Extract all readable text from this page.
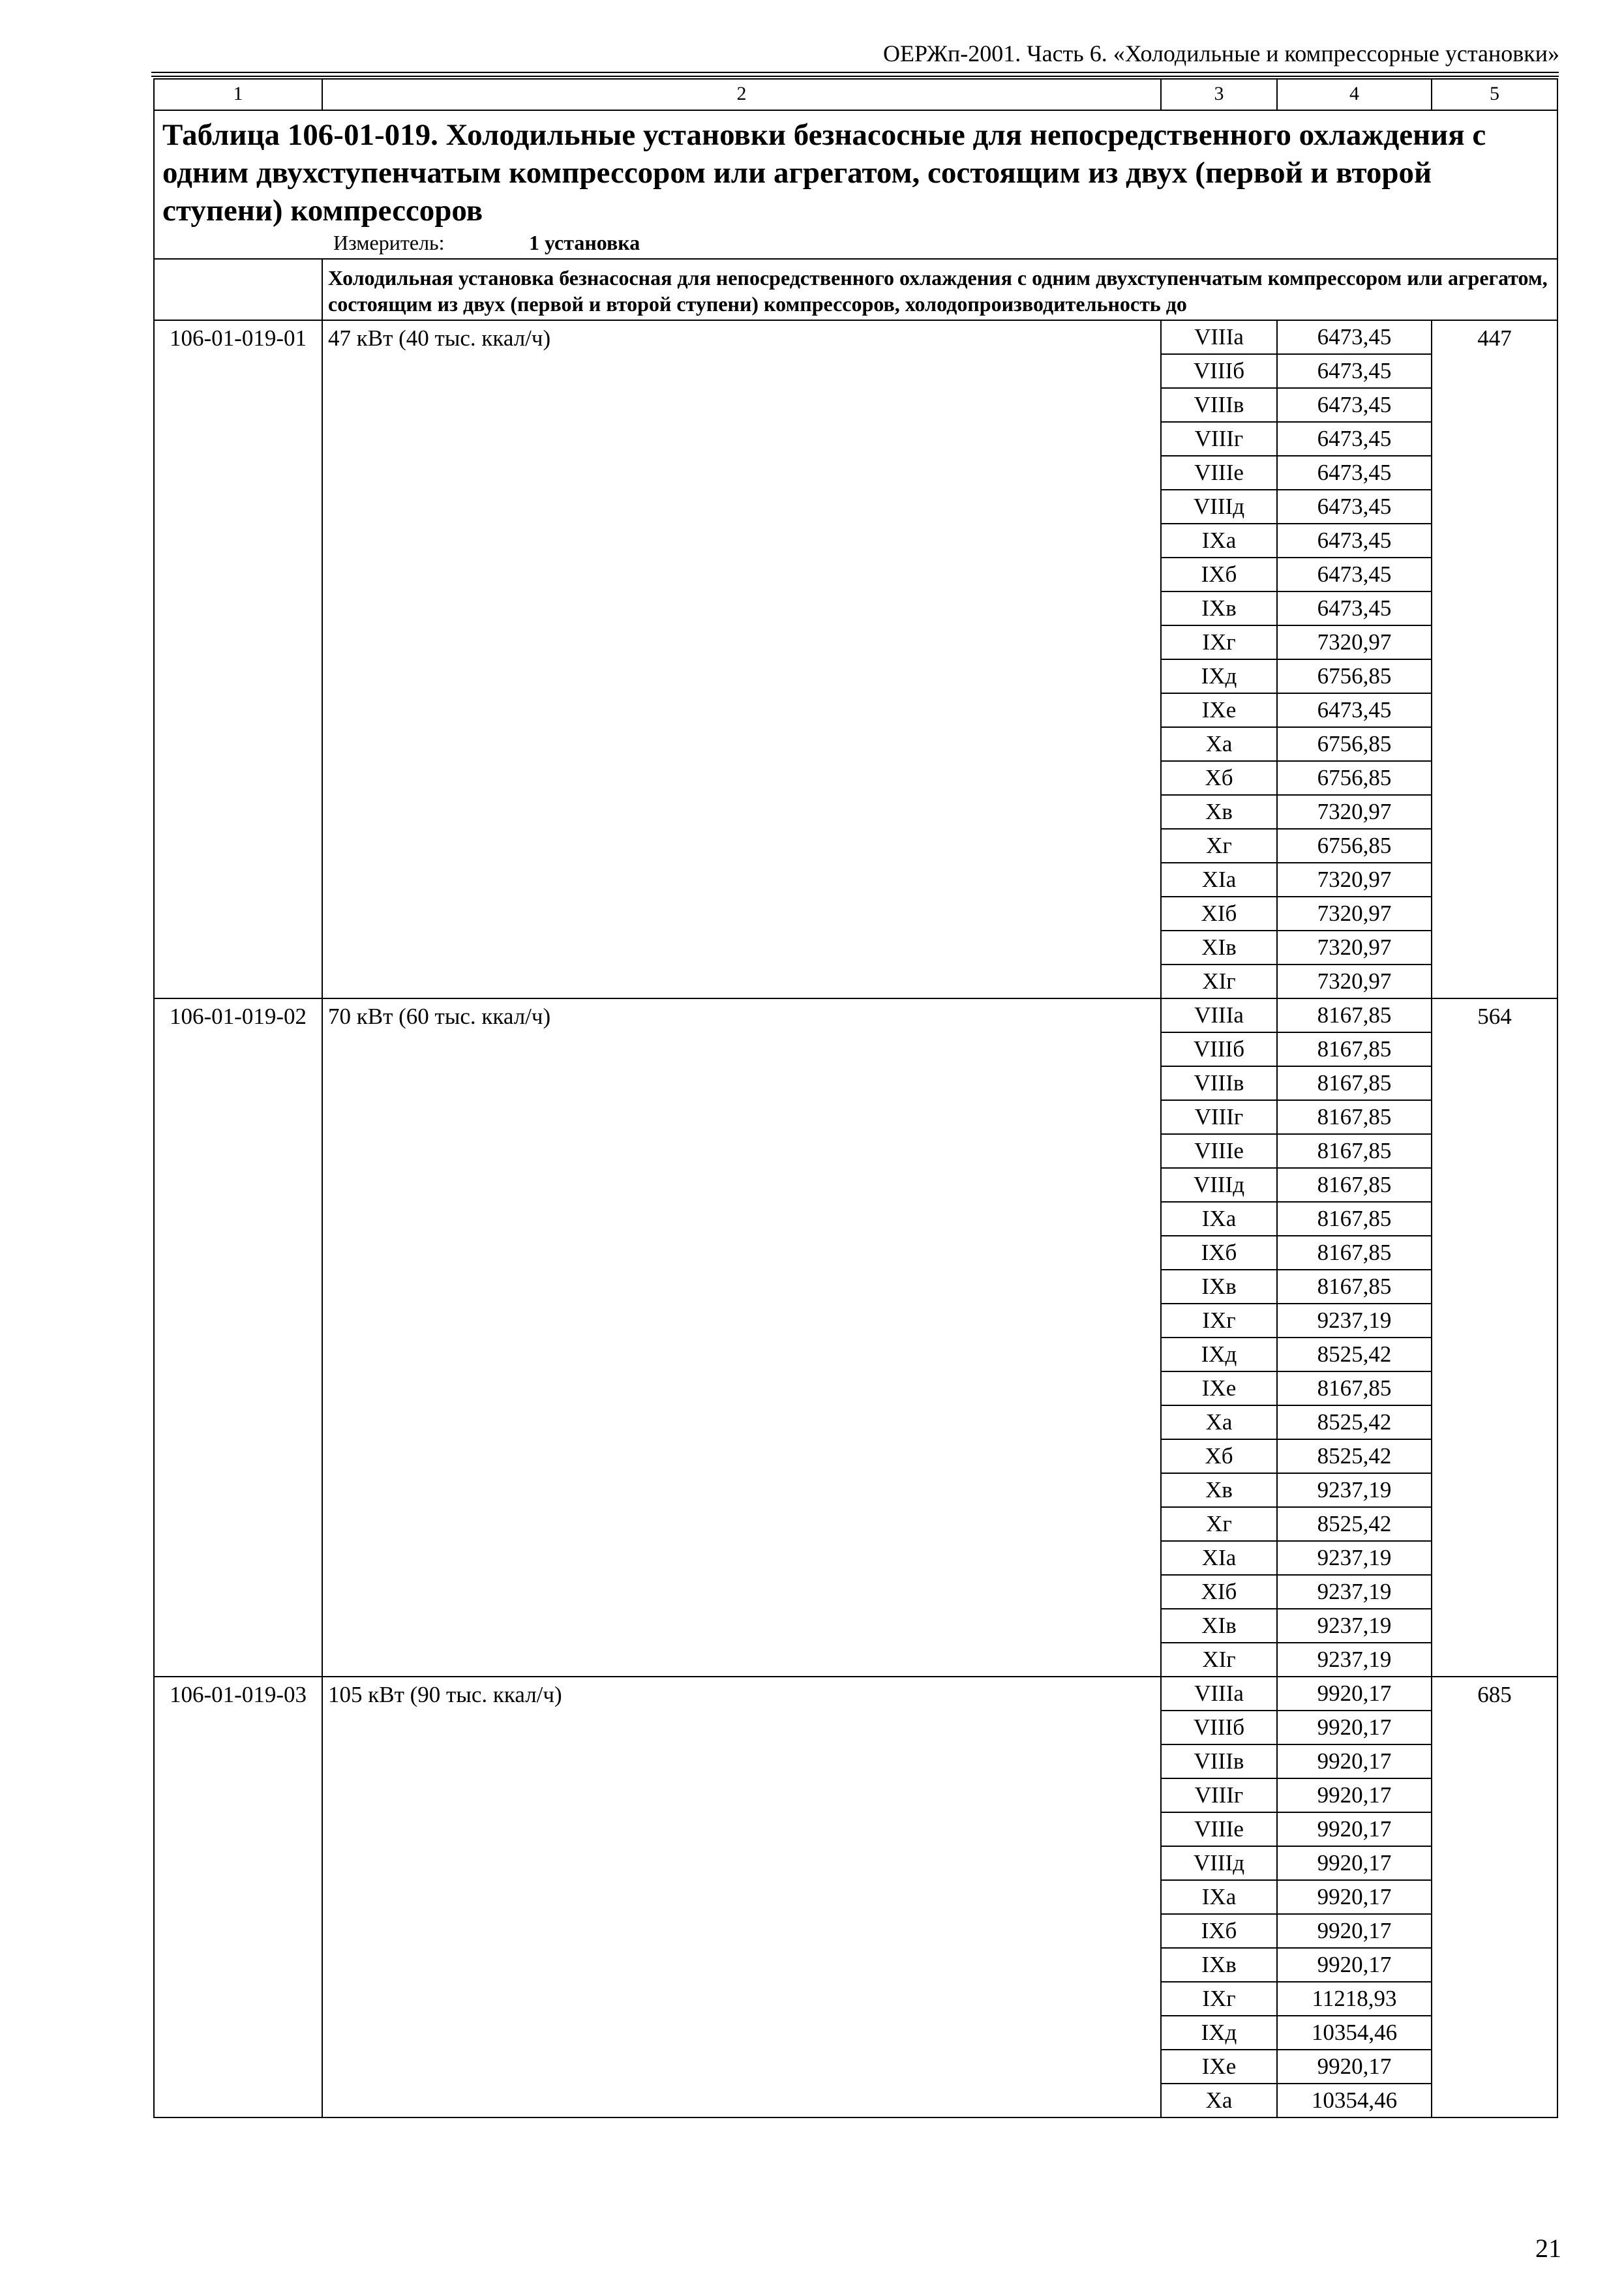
ОЕРЖп-2001. Часть 6. «Холодильные и компрессорные установки»
1	2	3	4	5

Таблица 106-01-019. Холодильные установки безнасосные для непосредственного охлаждения с одним двухступенчатым компрессором или агрегатом, состоящим из двух (первой и второй ступени) компрессоров
Измеритель: 1 установка				

	Холодильная установка безнасосная для непосредственного охлаждения с одним двухступенчатым компрессором или агрегатом, состоящим из двух (первой и второй ступени) компрессоров, холодопроизводительность до			
106-01-019-01	47 кВт (40 тыс. ккал/ч)	VIIIа	6473,45	447
		VIIIб	6473,45	
		VIIIв	6473,45	
		VIIIг	6473,45	
		VIIIе	6473,45	
		VIIIд	6473,45	
		IXа	6473,45	
		IXб	6473,45	
		IXв	6473,45	
		IXг	7320,97	
		IXд	6756,85	
		IXе	6473,45	
		Xа	6756,85	
		Xб	6756,85	
		Xв	7320,97	
		Xг	6756,85	
		XIа	7320,97	
		XIб	7320,97	
		XIв	7320,97	
		XIг	7320,97	
106-01-019-02	70 кВт (60 тыс. ккал/ч)	VIIIа	8167,85	564
		VIIIб	8167,85	
		VIIIв	8167,85	
		VIIIг	8167,85	
		VIIIе	8167,85	
		VIIIд	8167,85	
		IXа	8167,85	
		IXб	8167,85	
		IXв	8167,85	
		IXг	9237,19	
		IXд	8525,42	
		IXе	8167,85	
		Xа	8525,42	
		Xб	8525,42	
		Xв	9237,19	
		Xг	8525,42	
		XIа	9237,19	
		XIб	9237,19	
		XIв	9237,19	
		XIг	9237,19	
106-01-019-03	105 кВт (90 тыс. ккал/ч)	VIIIа	9920,17	685
		VIIIб	9920,17	
		VIIIв	9920,17	
		VIIIг	9920,17	
		VIIIе	9920,17	
		VIIIд	9920,17	
		IXа	9920,17	
		IXб	9920,17	
		IXв	9920,17	
		IXг	11218,93	
		IXд	10354,46	
		IXе	9920,17	
		Xа	10354,46	
21
